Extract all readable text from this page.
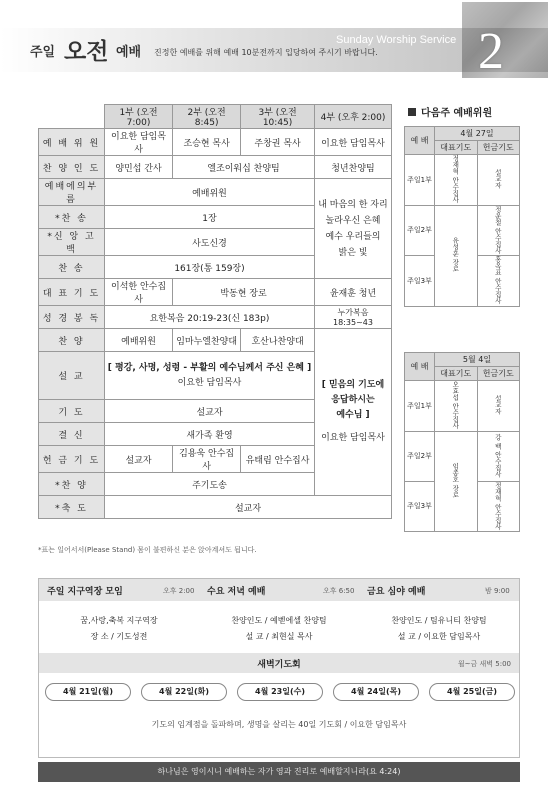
주일 오전 예배 진정한 예배를 위해 예배 10분전까지 입당하여 주시기 바랍니다.
Sunday Worship Service 2
	1부 (오전 7:00)	2부 (오전 8:45)	3부 (오전 10:45)	4부 (오후 2:00)
예 배 위 원	이요한 담임목사	조승현 목사	주창권 목사	이요한 담임목사
찬 양 인 도	양민섭 간사	엘조이워십 찬양팀		청년찬양팀
예배에의부름	예배위원			내 마음의 한 자리
놀라우신 은혜
예수 우리들의
밝은 빛

*찬 송	1장			
*신 앙 고 백	사도신경			
찬 송	161장(통 159장)			
대 표 기 도	이석한 안수집사	박동현 장로		윤재훈 청년
성 경 봉 독	요한복음 20:19-23(신 183p)			누가복음 18:35~43
찬 양	예배위원	임마누엘찬양대	호산나찬양대	[ 믿음의 기도에
응답하시는
예수님 ]
이요한 담임목사

설 교	[ 평강, 사명, 성령 - 부활의 예수님께서 주신 은혜 ]
이요한 담임목사			

기 도	설교자			
결 신	새가족 환영			
헌 금 기 도	설교자	김용욱 안수집사	유태림 안수집사	
*찬 양	주기도송			
*축 도	설교자			
다음주 예배위원
예 배	4월 27일	
	대표기도	헌금기도
주일1부	정재혁 안수집사	설교자
주일2부	유성훈 장로	정운철 안수집사
주일3부		홍옥표 안수집사
예 배	5월 4일	
	대표기도	헌금기도
주일1부	오효섭 안수집사	설교자
주일2부	임종호 장로	강 백 안수집사
주일3부		정재혁 안수집사
*표는 일어서서(Please Stand) 몸이 불편하신 분은 앉아계셔도 됩니다.
주일 지구역장 모임	오후 2:00 수요 저녁 예배	오후 6:50 금요 심야 예배	밤 9:00
꿈,사랑,축복 지구역장
장 소 / 기도성전
찬양인도 / 예벧에셀 찬양팀
설 교 / 최현실 목사
찬양인도 / 팀유니티 찬양팀
설 교 / 이요한 담임목사
새벽기도회	월~금 새벽 5:00
4월 21일(월)	4월 22일(화)	4월 23일(수)	4월 24일(목)	4월 25일(금)
기도의 임계점을 돌파하며, 생명을 살리는 40일 기도회 / 이요한 담임목사
하나님은 영이시니 예배하는 자가 영과 진리로 예배할지니라(요 4:24)
